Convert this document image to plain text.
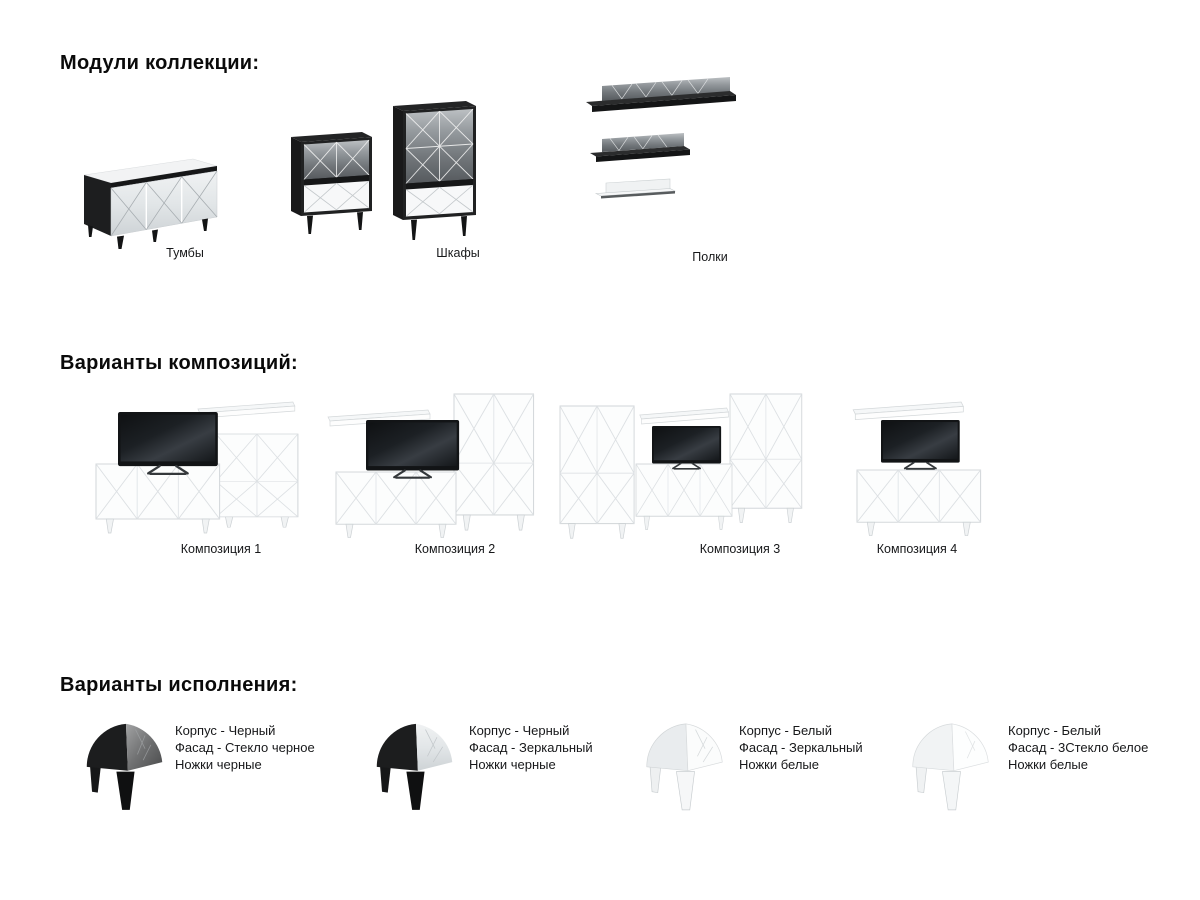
Модули коллекции:
Тумбы	Шкафы	Полки
Варианты композиций:
Композиция 1	Композиция 2	Композиция 3	Композиция 4
Варианты исполнения:
Корпус - Черный
Фасад - Стекло черное
Ножки черные
Корпус - Черный
Фасад - Зеркальный
Ножки черные
Корпус - Белый
Фасад - Зеркальный
Ножки белые
Корпус - Белый
Фасад - 3Стекло белое
Ножки белые
